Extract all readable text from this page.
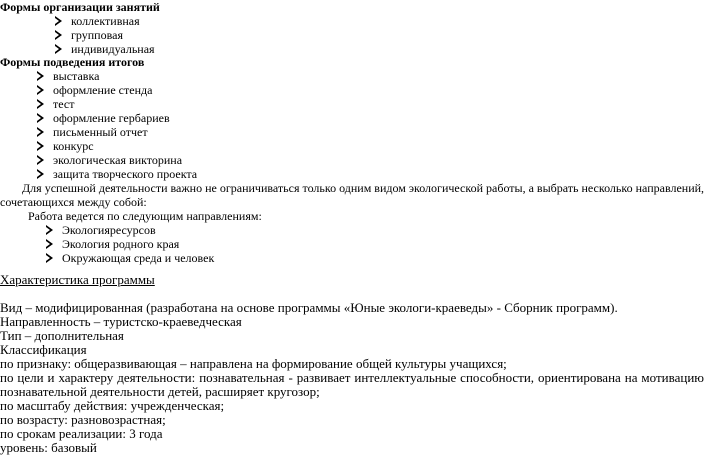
Формы организации занятий
коллективная
групповая
индивидуальная
Формы подведения итогов
выставка
оформление стенда
тест
оформление гербариев
письменный отчет
конкурс
экологическая викторина
защита творческого проекта
Для успешной деятельности важно не ограничиваться только одним видом экологической работы, а выбрать несколько направлений,
сочетающихся между собой:
Работа ведется по следующим направлениям:
Экологияресурсов
Экология родного края
Окружающая среда и человек
Характеристика программы
Вид – модифицированная (разработана на основе программы «Юные экологи-краеведы» - Сборник программ).
Направленность – туристско-краеведческая
Тип – дополнительная
Классификация
по признаку: общеразвивающая – направлена на формирование общей культуры учащихся;
по цели и характеру деятельности: познавательная - развивает интеллектуальные способности, ориентирована на мотивацию
познавательной деятельности детей, расширяет кругозор;
по масштабу действия: учрежденческая;
по возрасту: разновозрастная;
по срокам реализации: 3 года
уровень: базовый
